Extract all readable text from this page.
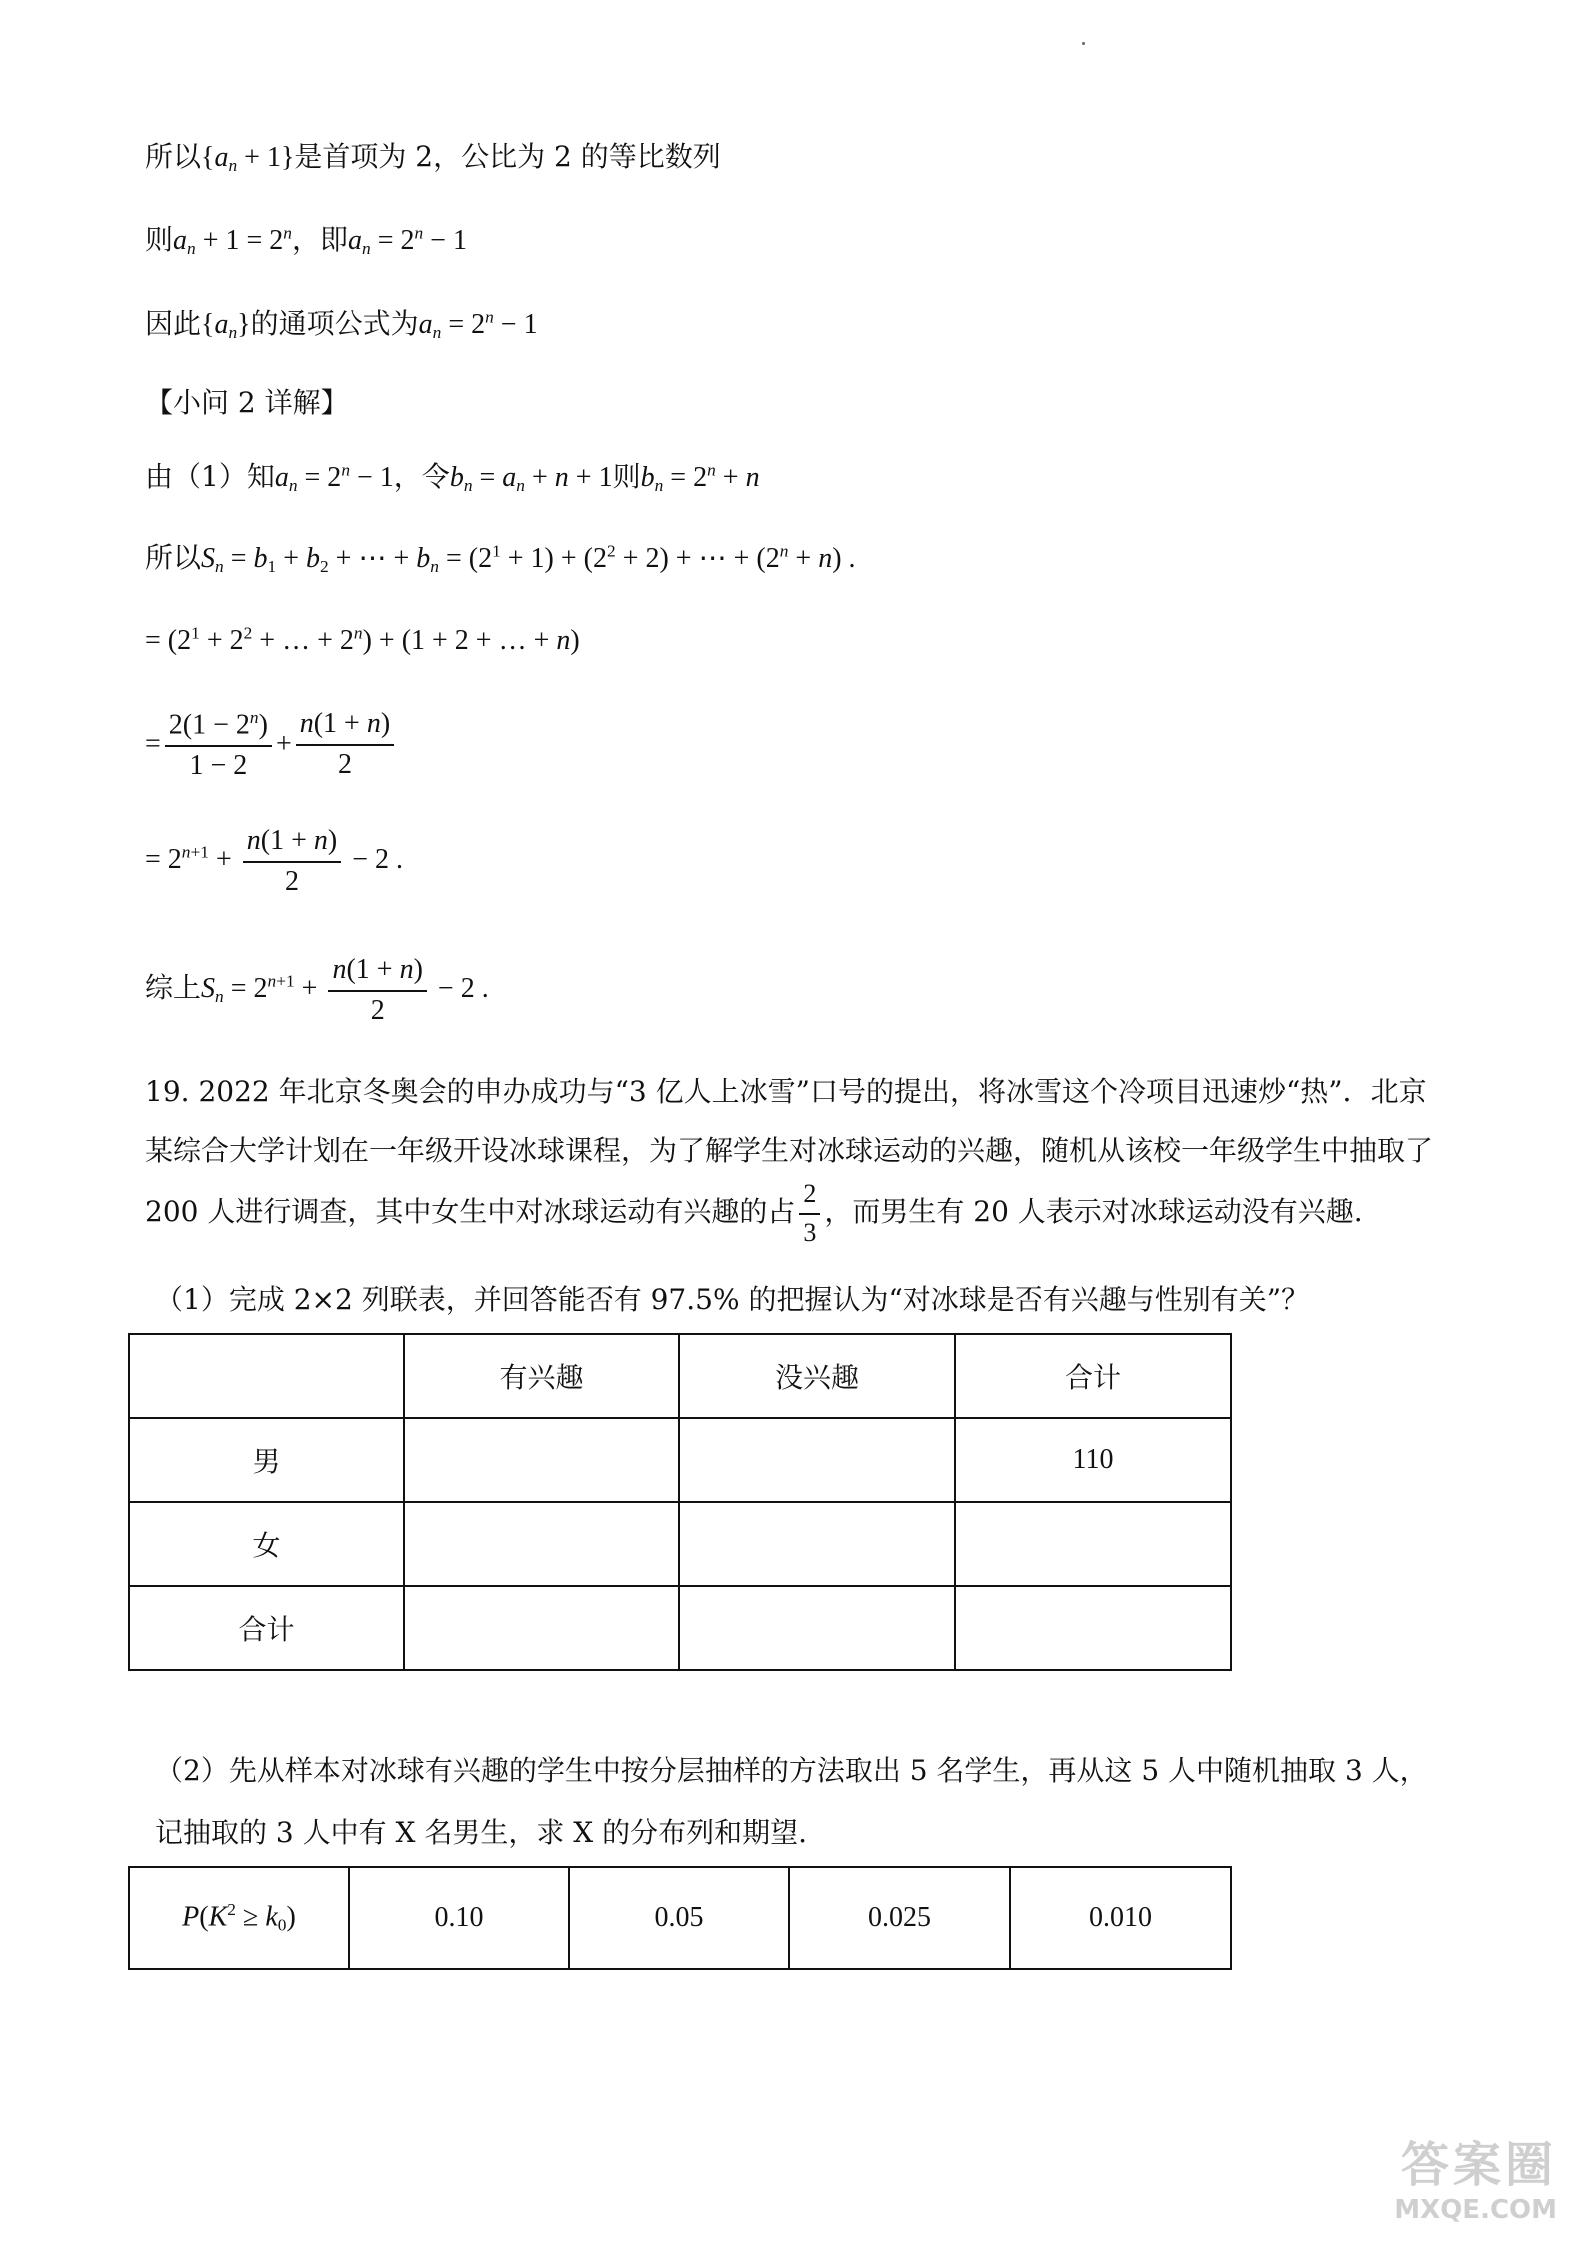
所以$\{a_n + 1\}$是首项为 2，公比为 2 的等比数列
则$a_n + 1 = 2^n$，即$a_n = 2^n - 1$
因此$\{a_n\}$的通项公式为$a_n = 2^n - 1$
【小问 2 详解】
由（1）知$a_n = 2^n - 1$，令$b_n = a_n + n + 1$则$b_n = 2^n + n$
所以$S_n = b_1 + b_2$ + ⋯ + $b_n = (2^1 + 1) + (2^2 + 2)$ + ⋯ + $(2^n + n)$ .
= ($2^1 + 2^2$ + … + $2^n) + (1 + 2$ + … + n)
= $\frac{2(1 - 2^n)}{1 - 2} + \frac{n(1 + n)}{2}$
= $2^{n+1} + \frac{n(1 + n)}{2} - 2$ .
综上$S_n = 2^{n+1} + \frac{n(1 + n)}{2} - 2$ .
19. 2022 年北京冬奥会的申办成功与“3 亿人上冰雪”口号的提出，将冰雪这个冷项目迅速炒“热”．北京某综合大学计划在一年级开设冰球课程，为了解学生对冰球运动的兴趣，随机从该校一年级学生中抽取了 200 人进行调查，其中女生中对冰球运动有兴趣的占 $\frac{2}{3}$ ，而男生有 20 人表示对冰球运动没有兴趣.
（1）完成 2×2 列联表，并回答能否有 97.5% 的把握认为“对冰球是否有兴趣与性别有关”？
	有兴趣	没兴趣	合计
男			110
女			
合计			
（2）先从样本对冰球有兴趣的学生中按分层抽样的方法取出 5 名学生，再从这 5 人中随机抽取 3 人，记抽取的 3 人中有 X 名男生，求 X 的分布列和期望.
$P(K^2 \ge k_0)$	0.10	0.05	0.025	0.010
答案圈
MXQE.COM
